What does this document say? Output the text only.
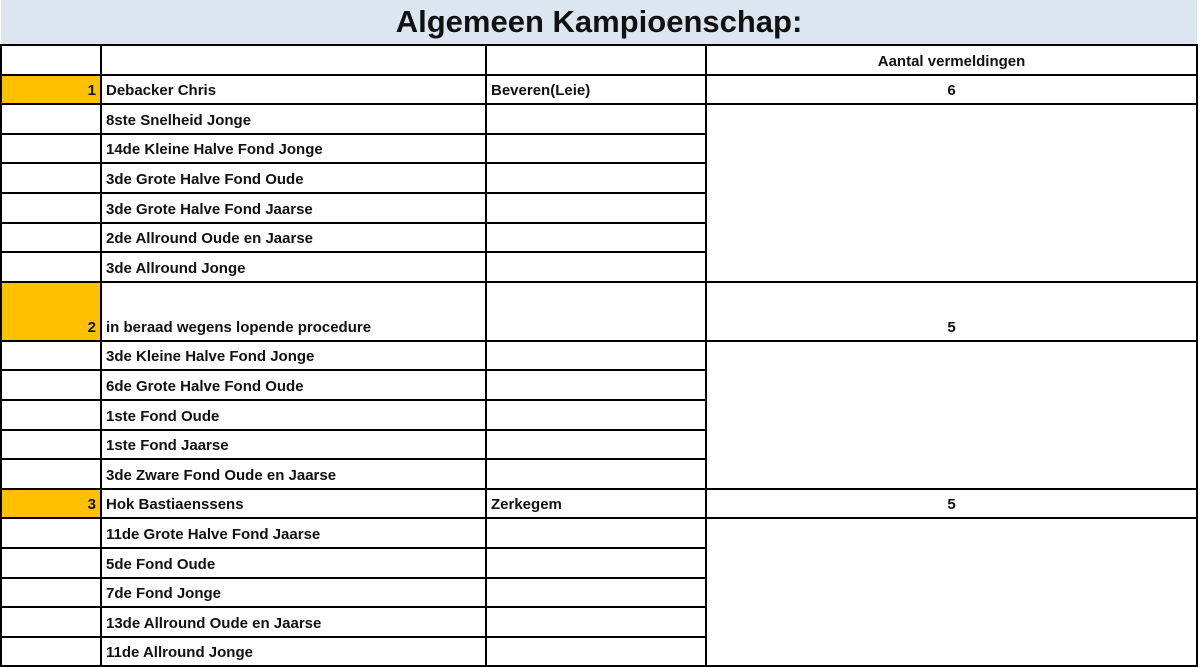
Algemeen Kampioenschap:			
			Aantal vermeldingen
1	Debacker Chris	Beveren(Leie)	6
	8ste Snelheid Jonge		
	14de Kleine Halve Fond Jonge		
	3de Grote Halve Fond Oude		
	3de Grote Halve Fond Jaarse		
	2de Allround Oude en Jaarse		
	3de Allround Jonge		
2	in beraad wegens lopende procedure		5
	3de Kleine Halve Fond Jonge		
	6de Grote Halve Fond Oude		
	1ste Fond Oude		
	1ste Fond Jaarse		
	3de Zware Fond Oude en Jaarse		
3	Hok Bastiaenssens	Zerkegem	5
	11de Grote Halve Fond Jaarse		
	5de Fond Oude		
	7de Fond Jonge		
	13de Allround Oude en Jaarse		
	11de Allround Jonge		
